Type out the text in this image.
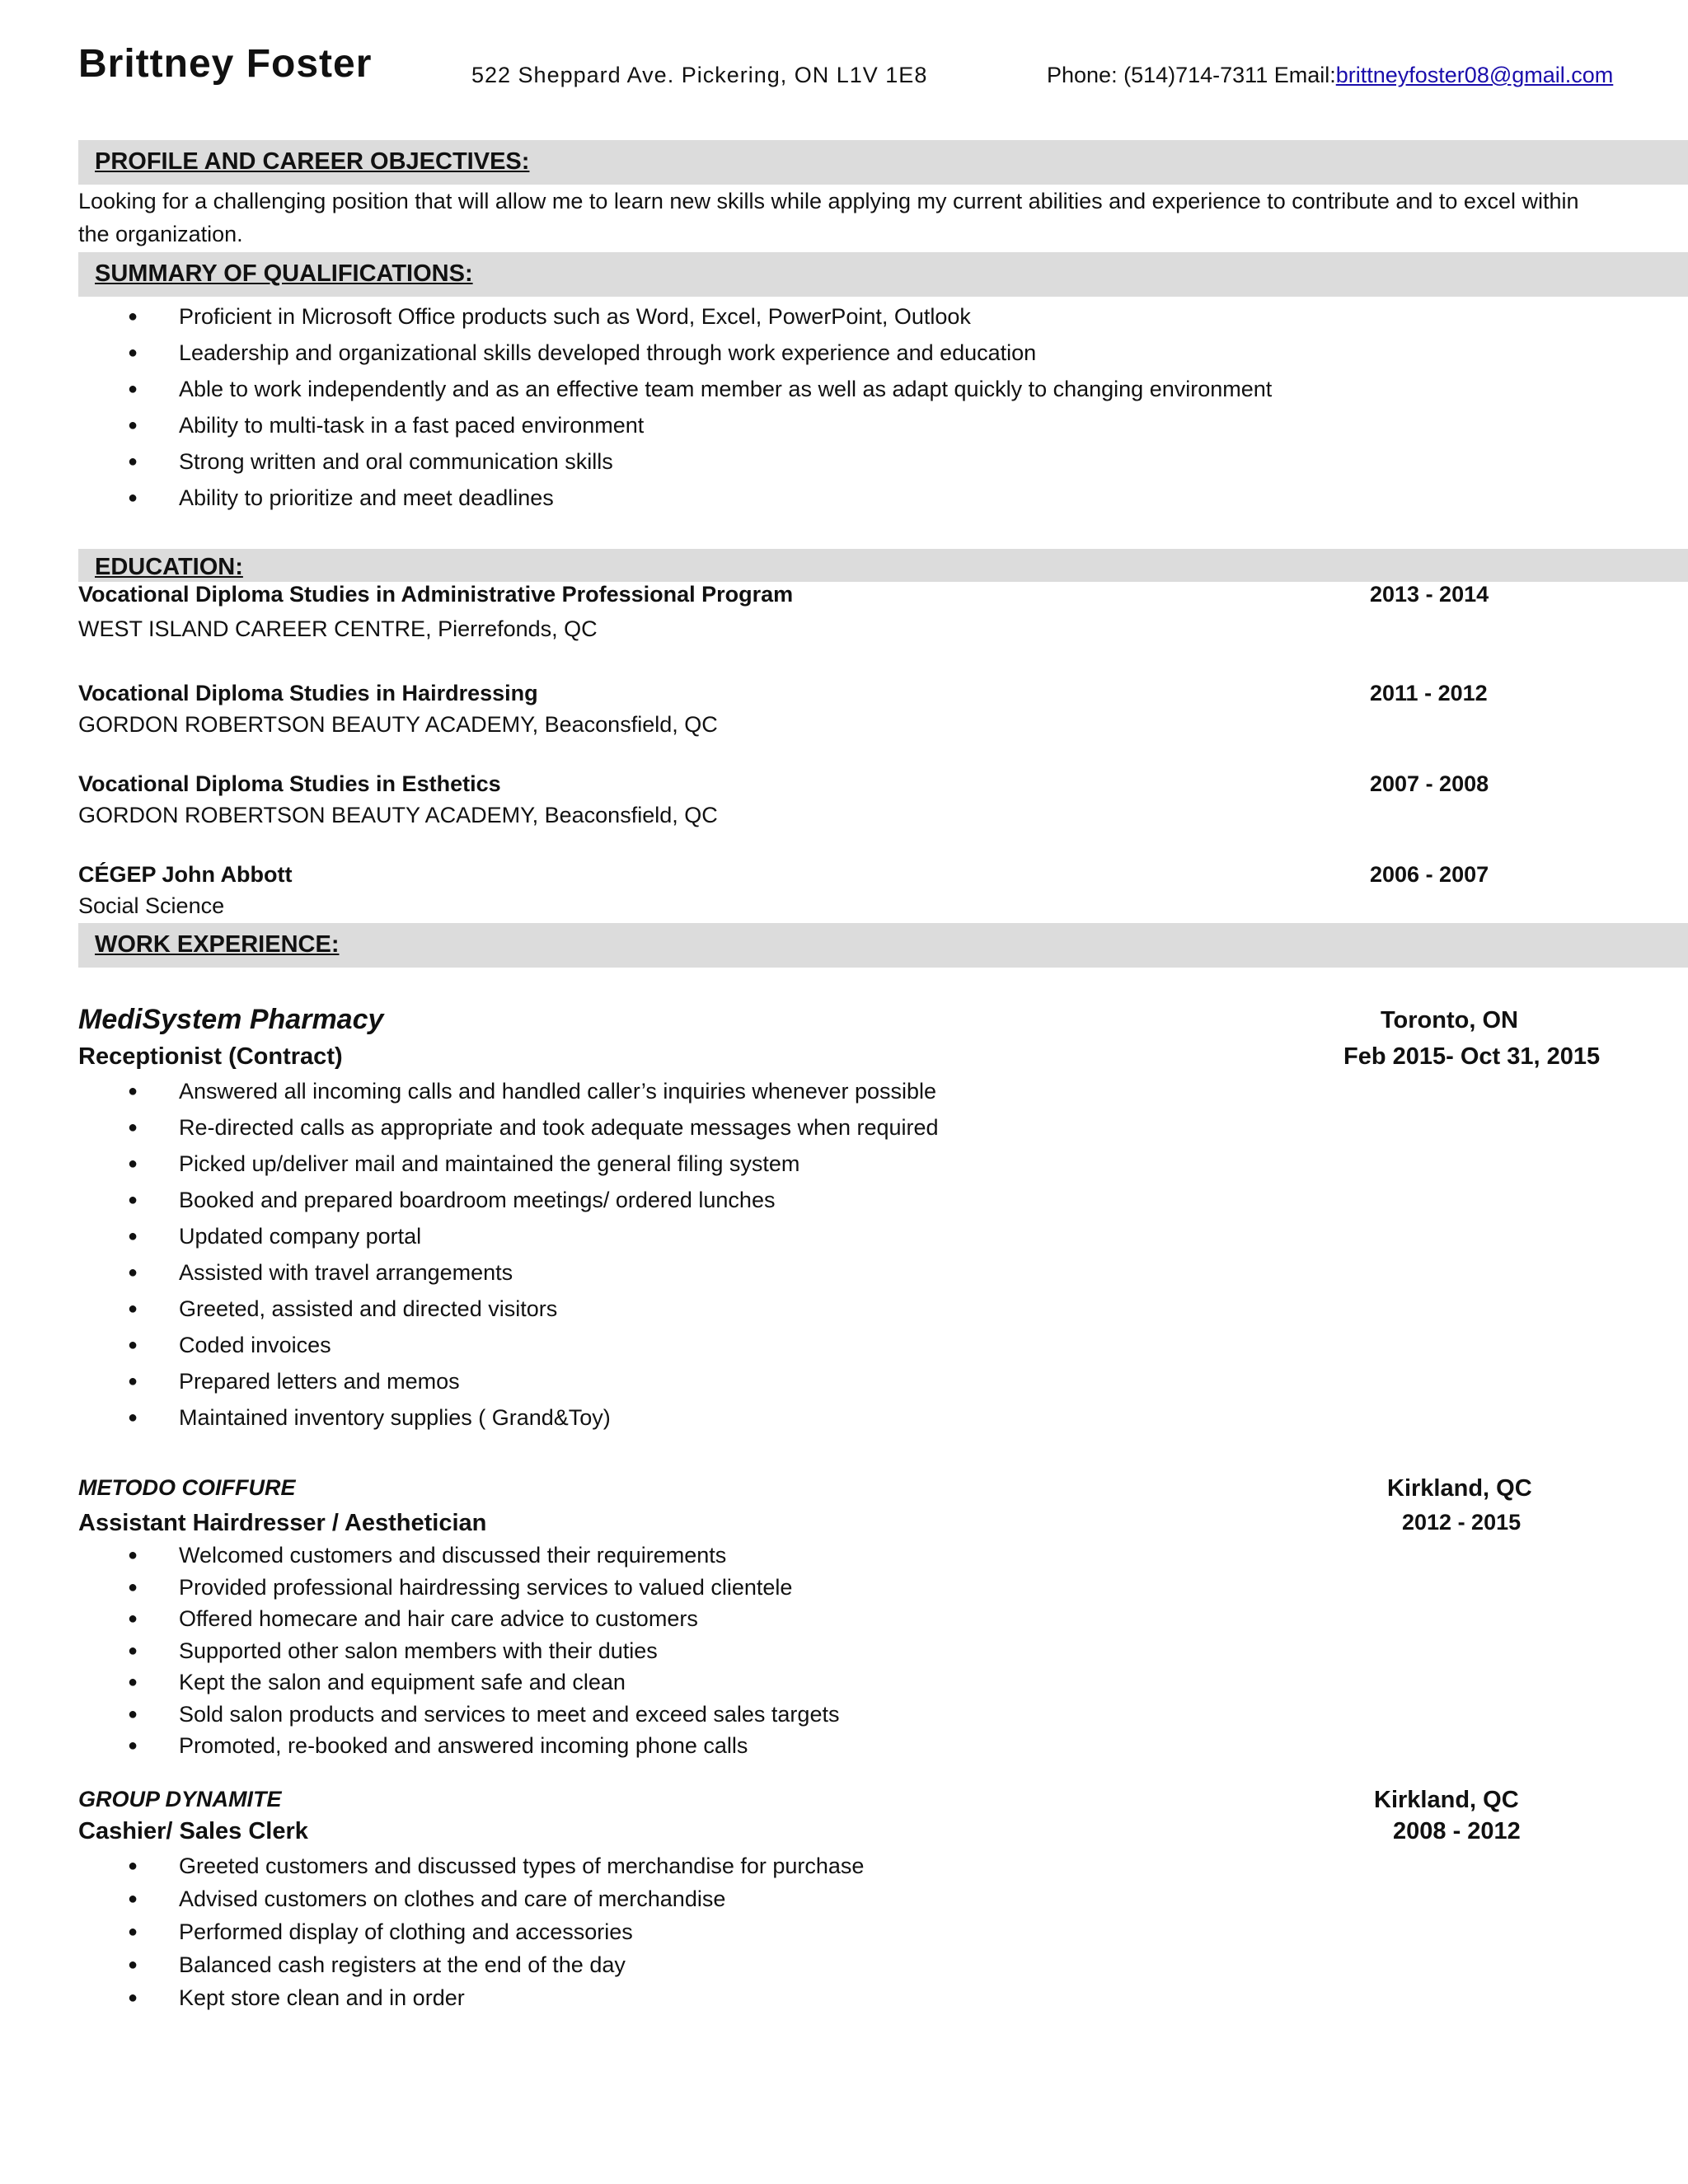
Brittney Foster	522 Sheppard Ave. Pickering, ON L1V 1E8	Phone: (514)714-7311 Email:brittneyfoster08@gmail.com
PROFILE AND CAREER OBJECTIVES:
Looking for a challenging position that will allow me to learn new skills while applying my current abilities and experience to contribute and to excel within the organization.
SUMMARY OF QUALIFICATIONS:
● Proficient in Microsoft Office products such as Word, Excel, PowerPoint, Outlook
● Leadership and organizational skills developed through work experience and education
● Able to work independently and as an effective team member as well as adapt quickly to changing environment
● Ability to multi-task in a fast paced environment
● Strong written and oral communication skills
● Ability to prioritize and meet deadlines
EDUCATION:
Vocational Diploma Studies in Administrative Professional Program	2013 - 2014
WEST ISLAND CAREER CENTRE, Pierrefonds, QC
Vocational Diploma Studies in Hairdressing	2011 - 2012
GORDON ROBERTSON BEAUTY ACADEMY, Beaconsfield, QC
Vocational Diploma Studies in Esthetics	2007 - 2008
GORDON ROBERTSON BEAUTY ACADEMY, Beaconsfield, QC
CÉGEP John Abbott	2006 - 2007
Social Science
WORK EXPERIENCE:
MediSystem Pharmacy	Toronto, ON
Receptionist (Contract)	Feb 2015- Oct 31, 2015
● Answered all incoming calls and handled caller’s inquiries whenever possible
● Re-directed calls as appropriate and took adequate messages when required
● Picked up/deliver mail and maintained the general filing system
● Booked and prepared boardroom meetings/ ordered lunches
● Updated company portal
● Assisted with travel arrangements
● Greeted, assisted and directed visitors
● Coded invoices
● Prepared letters and memos
● Maintained inventory supplies ( Grand&Toy)
METODO COIFFURE	Kirkland, QC
Assistant Hairdresser / Aesthetician	2012 - 2015
● Welcomed customers and discussed their requirements
● Provided professional hairdressing services to valued clientele
● Offered homecare and hair care advice to customers
● Supported other salon members with their duties
● Kept the salon and equipment safe and clean
● Sold salon products and services to meet and exceed sales targets
● Promoted, re-booked and answered incoming phone calls
GROUP DYNAMITE	Kirkland, QC
Cashier/ Sales Clerk	2008 - 2012
● Greeted customers and discussed types of merchandise for purchase
● Advised customers on clothes and care of merchandise
● Performed display of clothing and accessories
● Balanced cash registers at the end of the day
● Kept store clean and in order
